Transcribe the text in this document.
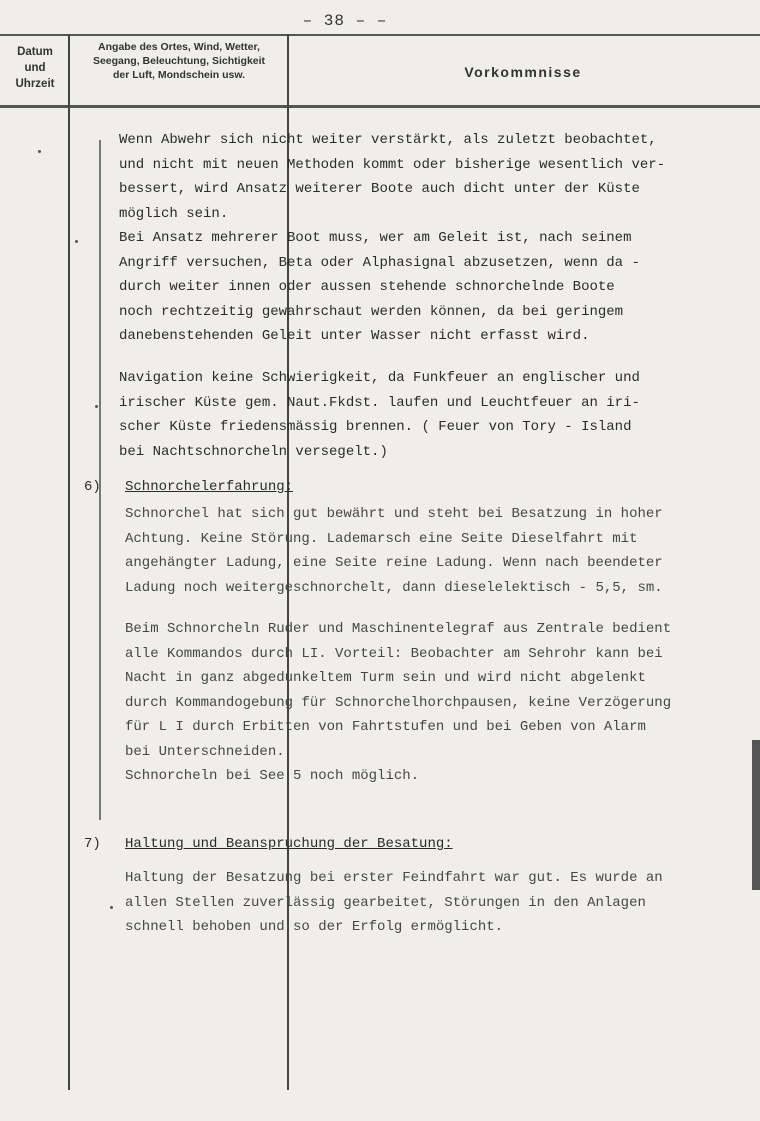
– 38 – –
Datum
und
Uhrzeit
Angabe des Ortes, Wind, Wetter,
Seegang, Beleuchtung, Sichtigkeit
der Luft, Mondschein usw.	Vorkommnisse
Wenn Abwehr sich nicht weiter verstärkt, als zuletzt beobachtet,
und nicht mit neuen Methoden kommt oder bisherige wesentlich ver-
bessert, wird Ansatz weiterer Boote auch dicht unter der Küste
möglich sein.
Bei Ansatz mehrerer Boot muss, wer am Geleit ist, nach seinem
Angriff versuchen, Beta oder Alphasignal abzusetzen, wenn da -
durch weiter innen oder aussen stehende schnorchelnde Boote
noch rechtzeitig gewahrschaut werden können, da bei geringem
danebenstehenden Geleit unter Wasser nicht erfasst wird.
Navigation keine Schwierigkeit, da Funkfeuer an englischer und
irischer Küste gem. Naut.Fkdst. laufen und Leuchtfeuer an iri-
scher Küste friedensmässig brennen. ( Feuer von Tory - Island
bei Nachtschnorcheln versegelt.)
6) Schnorchelerfahrung:
Schnorchel hat sich gut bewährt und steht bei Besatzung in hoher
Achtung. Keine Störung. Lademarsch eine Seite Dieselfahrt mit
angehängter Ladung, eine Seite reine Ladung. Wenn nach beendeter
Ladung noch weitergeschnorchelt, dann dieselelektisch - 5,5, sm.
Beim Schnorcheln Ruder und Maschinentelegraf aus Zentrale bedient
alle Kommandos durch LI. Vorteil: Beobachter am Sehrohr kann bei
Nacht in ganz abgedunkeltem Turm sein und wird nicht abgelenkt
durch Kommandogebung für Schnorchelhorchpausen, keine Verzögerung
für L I durch Erbitten von Fahrtstufen und bei Geben von Alarm
bei Unterschneiden.
Schnorcheln bei See 5 noch möglich.
7) Haltung und Beanspruchung der Besatung:
Haltung der Besatzung bei erster Feindfahrt war gut. Es wurde an
allen Stellen zuverlässig gearbeitet, Störungen in den Anlagen
schnell behoben und so der Erfolg ermöglicht.
